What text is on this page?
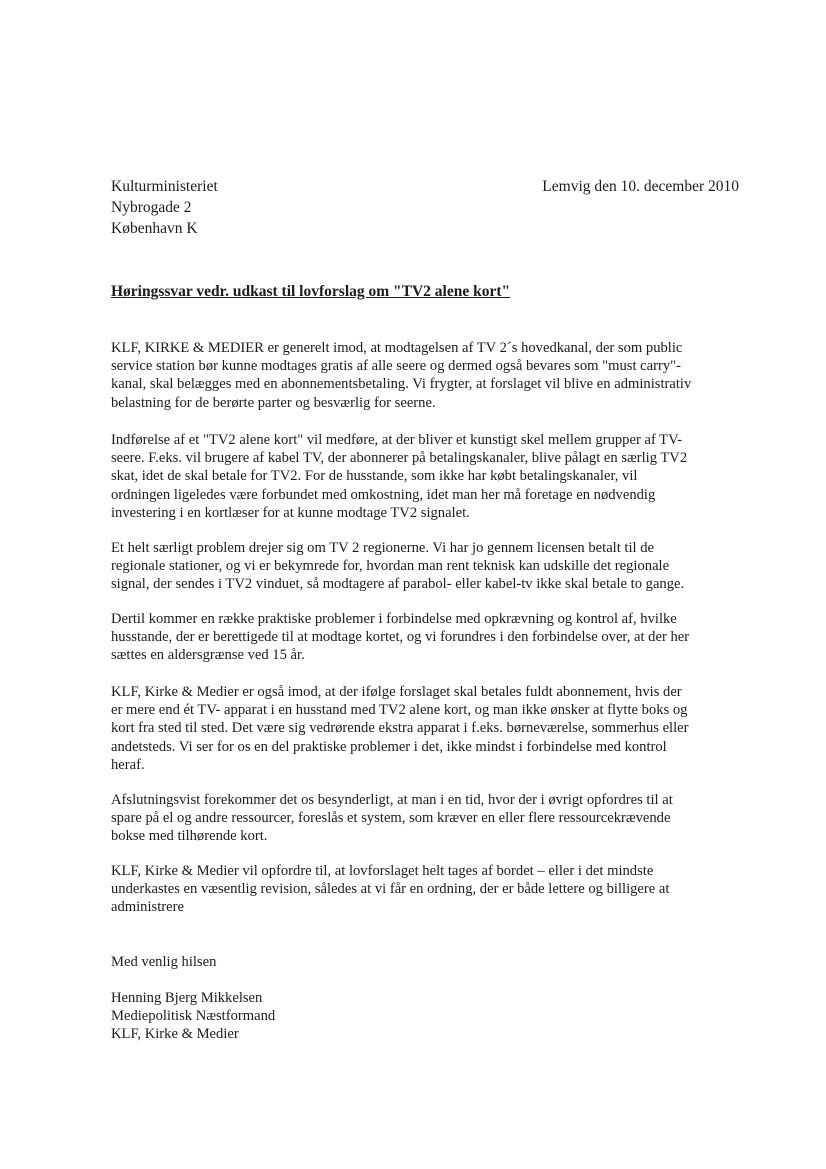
Kulturministeriet
Nybrogade 2
København K
Lemvig den 10. december 2010
Høringssvar vedr. udkast til lovforslag om "TV2 alene kort"
KLF, KIRKE & MEDIER er generelt imod, at modtagelsen af TV 2´s hovedkanal, der som public
service station bør kunne modtages gratis af alle seere og dermed også bevares som "must carry"-
kanal, skal belægges med en abonnementsbetaling. Vi frygter, at forslaget vil blive en administrativ
belastning for de berørte parter og besværlig for seerne.
Indførelse af et "TV2 alene kort" vil medføre, at der bliver et kunstigt skel mellem grupper af TV-
seere. F.eks. vil brugere af kabel TV, der abonnerer på betalingskanaler, blive pålagt en særlig TV2
skat, idet de skal betale for TV2. For de husstande, som ikke har købt betalingskanaler, vil
ordningen ligeledes være forbundet med omkostning, idet man her må foretage en nødvendig
investering i en kortlæser for at kunne modtage TV2 signalet.
Et helt særligt problem drejer sig om TV 2 regionerne. Vi har jo gennem licensen betalt til de
regionale stationer, og vi er bekymrede for, hvordan man rent teknisk kan udskille det regionale
signal, der sendes i TV2 vinduet, så modtagere af parabol- eller kabel-tv ikke skal betale to gange.
Dertil kommer en række praktiske problemer i forbindelse med opkrævning og kontrol af, hvilke
husstande, der er berettigede til at modtage kortet, og vi forundres i den forbindelse over, at der her
sættes en aldersgrænse ved 15 år.
KLF, Kirke & Medier er også imod, at der ifølge forslaget skal betales fuldt abonnement, hvis der
er mere end ét TV- apparat i en husstand med TV2 alene kort, og man ikke ønsker at flytte boks og
kort fra sted til sted. Det være sig vedrørende ekstra apparat i f.eks. børneværelse, sommerhus eller
andetsteds. Vi ser for os en del praktiske problemer i det, ikke mindst i forbindelse med kontrol
heraf.
Afslutningsvist forekommer det os besynderligt, at man i en tid, hvor der i øvrigt opfordres til at
spare på el og andre ressourcer, foreslås et system, som kræver en eller flere ressourcekrævende
bokse med tilhørende kort.
KLF, Kirke & Medier vil opfordre til, at lovforslaget helt tages af bordet – eller i det mindste
underkastes en væsentlig revision, således at vi får en ordning, der er både lettere og billigere at
administrere
Med venlig hilsen
Henning Bjerg Mikkelsen
Mediepolitisk Næstformand
KLF, Kirke & Medier
